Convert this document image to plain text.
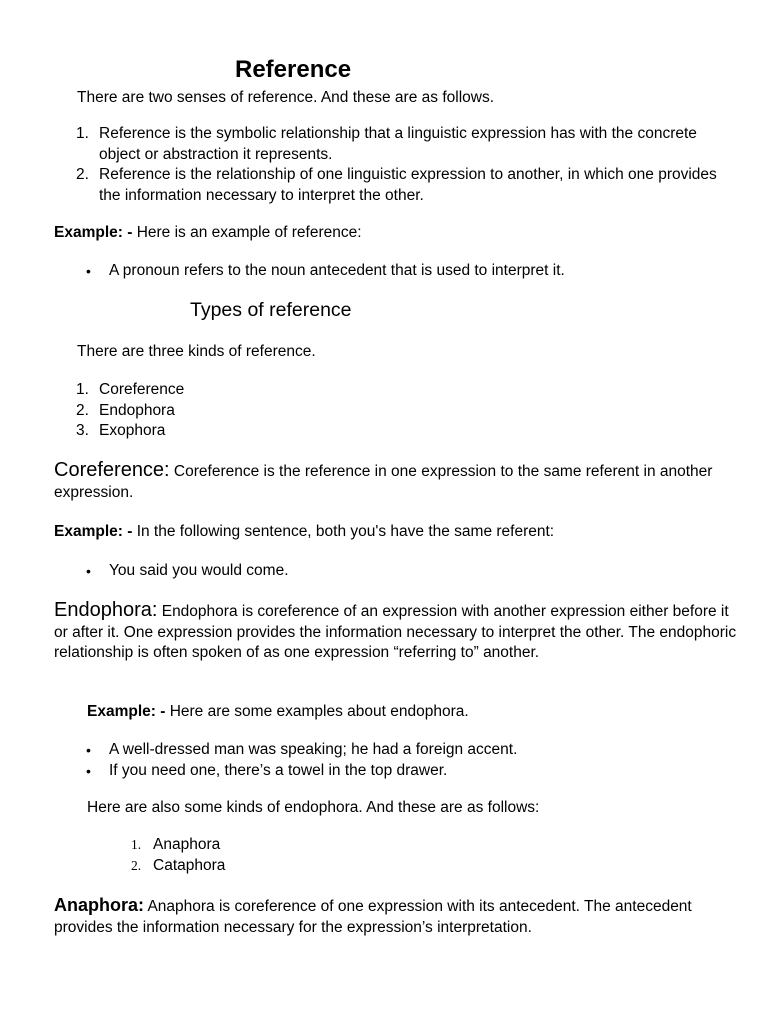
Reference

There are two senses of reference. And these are as follows.

1. Reference is the symbolic relationship that a linguistic expression has with the concrete object or abstraction it represents.
2. Reference is the relationship of one linguistic expression to another, in which one provides the information necessary to interpret the other.

Example: - Here is an example of reference:

• A pronoun refers to the noun antecedent that is used to interpret it.
Types of reference

There are three kinds of reference.

1. Coreference
2. Endophora
3. Exophora

Coreference: Coreference is the reference in one expression to the same referent in another expression.

Example: - In the following sentence, both you's have the same referent:

• You said you would come.

Endophora: Endophora is coreference of an expression with another expression either before it or after it. One expression provides the information necessary to interpret the other. The endophoric relationship is often spoken of as one expression “referring to” another.

Example: - Here are some examples about endophora.

• A well-dressed man was speaking; he had a foreign accent.
• If you need one, there’s a towel in the top drawer.

Here are also some kinds of endophora. And these are as follows:

1. Anaphora
2. Cataphora

Anaphora: Anaphora is coreference of one expression with its antecedent. The antecedent provides the information necessary for the expression’s interpretation.
